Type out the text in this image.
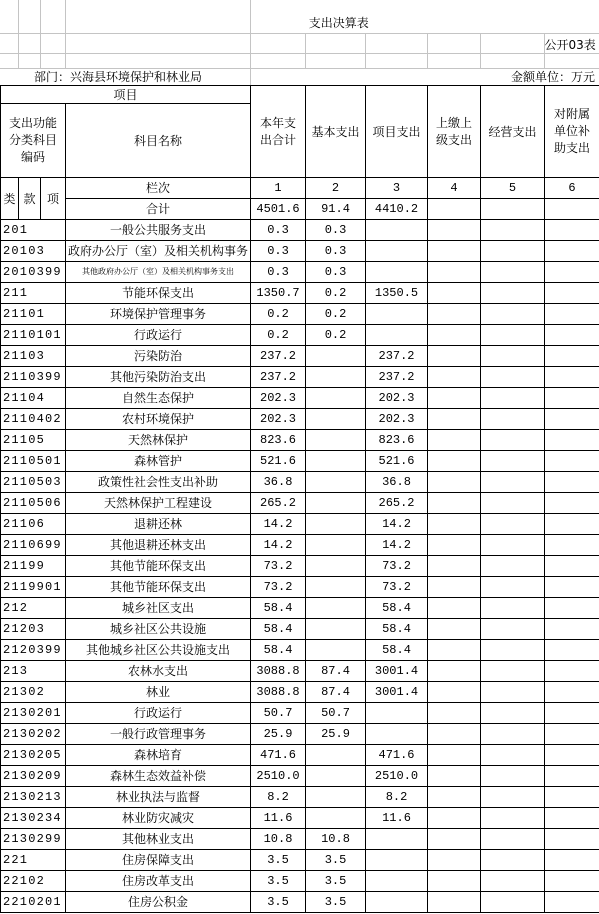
				支出决算表					
									公开03表

部门：兴海县环境保护和林业局				金额单位：万元					
项目				本年支出合计	基本支出	项目支出	上缴上级支出	经营支出	对附属单位补助支出
支出功能分类科目编码			科目名称						
类	款	项	栏次	1	2	3	4	5	6
			合计	4501.6	91.4	4410.2			
201			一般公共服务支出	0.3	0.3				
20103			政府办公厅（室）及相关机构事务	0.3	0.3				
2010399			其他政府办公厅（室）及相关机构事务支出	0.3	0.3				
211			节能环保支出	1350.7	0.2	1350.5			
21101			环境保护管理事务	0.2	0.2				
2110101			行政运行	0.2	0.2				
21103			污染防治	237.2		237.2			
2110399			其他污染防治支出	237.2		237.2			
21104			自然生态保护	202.3		202.3			
2110402			农村环境保护	202.3		202.3			
21105			天然林保护	823.6		823.6			
2110501			森林管护	521.6		521.6			
2110503			政策性社会性支出补助	36.8		36.8			
2110506			天然林保护工程建设	265.2		265.2			
21106			退耕还林	14.2		14.2			
2110699			其他退耕还林支出	14.2		14.2			
21199			其他节能环保支出	73.2		73.2			
2119901			其他节能环保支出	73.2		73.2			
212			城乡社区支出	58.4		58.4			
21203			城乡社区公共设施	58.4		58.4			
2120399			其他城乡社区公共设施支出	58.4		58.4			
213			农林水支出	3088.8	87.4	3001.4			
21302			林业	3088.8	87.4	3001.4			
2130201			行政运行	50.7	50.7				
2130202			一般行政管理事务	25.9	25.9				
2130205			森林培育	471.6		471.6			
2130209			森林生态效益补偿	2510.0		2510.0			
2130213			林业执法与监督	8.2		8.2			
2130234			林业防灾减灾	11.6		11.6			
2130299			其他林业支出	10.8	10.8				
221			住房保障支出	3.5	3.5				
22102			住房改革支出	3.5	3.5				
2210201			住房公积金	3.5	3.5				
